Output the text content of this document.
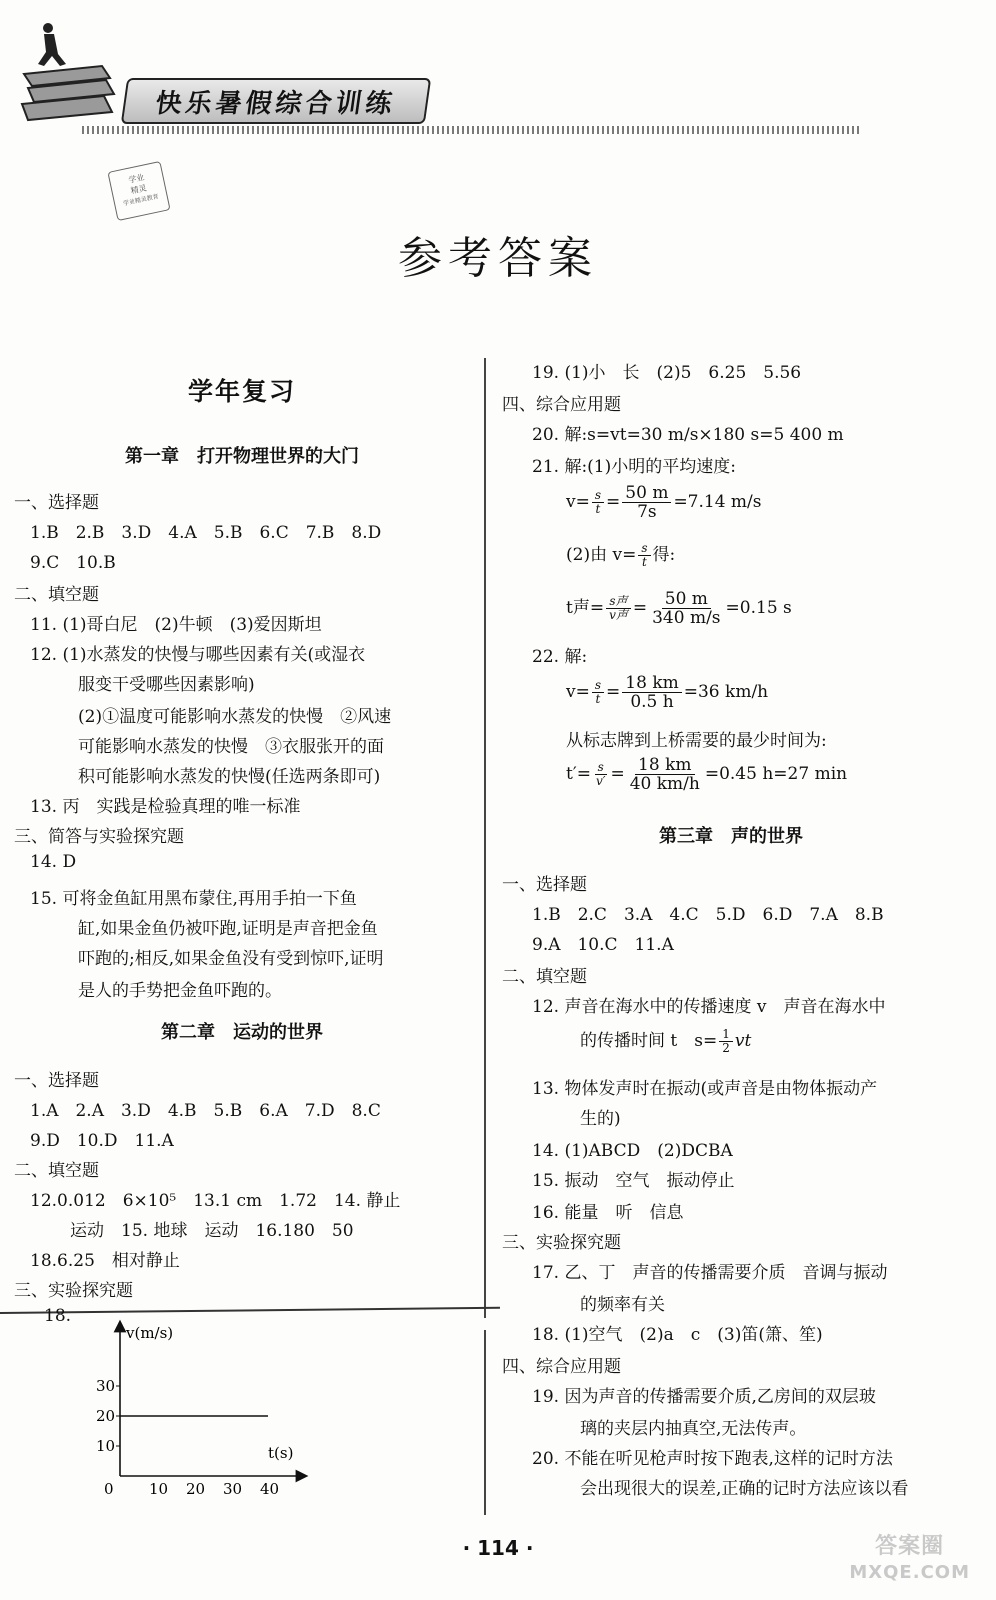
快乐暑假综合训练
学业
精灵
学业精灵教育
参考答案
学年复习
第一章　打开物理世界的大门
一、选择题
1.B　2.B　3.D　4.A　5.B　6.C　7.B　8.D
9.C　10.B
二、填空题
11. (1)哥白尼　(2)牛顿　(3)爱因斯坦
12. (1)水蒸发的快慢与哪些因素有关(或湿衣
服变干受哪些因素影响)
(2)①温度可能影响水蒸发的快慢　②风速
可能影响水蒸发的快慢　③衣服张开的面
积可能影响水蒸发的快慢(任选两条即可)
13. 丙　实践是检验真理的唯一标准
三、简答与实验探究题
14. D
15. 可将金鱼缸用黑布蒙住,再用手拍一下鱼
缸,如果金鱼仍被吓跑,证明是声音把金鱼
吓跑的;相反,如果金鱼没有受到惊吓,证明
是人的手势把金鱼吓跑的。
第二章　运动的世界
一、选择题
1.A　2.A　3.D　4.B　5.B　6.A　7.D　8.C
9.D　10.D　11.A
二、填空题
12.0.012　6×10⁵　13.1 cm　1.72　14. 静止
运动　15. 地球　运动　16.180　50
18.6.25　相对静止
三、实验探究题
18.
v(m/s)
t(s)
30
20
10
0 10 20 30 40
19. (1)小　长　(2)5　6.25　5.56
四、综合应用题
20. 解:s=vt=30 m/s×180 s=5 400 m
21. 解:(1)小明的平均速度:
$v= \frac{s}{t} = \frac{50 m}{7s} =7.14$ m/s
(2)由 $v= \frac{s}{t}$ 得:
t声= $\frac{\text{s声}}{\text{v声}} = \frac{50 m}{340 m/s} =0.15$ s
22. 解:
$v= \frac{s}{t} = \frac{18 km}{0.5 h} =36$ km/h
从标志牌到上桥需要的最少时间为:
$t'= \frac{s}{v'} = \frac{18 km}{40 km/h} =0.45$ h=27 min
第三章　声的世界
一、选择题
1.B　2.C　3.A　4.C　5.D　6.D　7.A　8.B
9.A　10.C　11.A
二、填空题
12. 声音在海水中的传播速度 v　声音在海水中
的传播时间 t　$s= \frac{1}{2}$ vt
13. 物体发声时在振动(或声音是由物体振动产
生的)
14. (1)ABCD　(2)DCBA
15. 振动　空气　振动停止
16. 能量　听　信息
三、实验探究题
17. 乙、丁　声音的传播需要介质　音调与振动
的频率有关
18. (1)空气　(2)a　c　(3)笛(箫、笙)
四、综合应用题
19. 因为声音的传播需要介质,乙房间的双层玻
璃的夹层内抽真空,无法传声。
20. 不能在听见枪声时按下跑表,这样的记时方法
会出现很大的误差,正确的记时方法应该以看
· 114 ·	答案圈
MXQE.COM
